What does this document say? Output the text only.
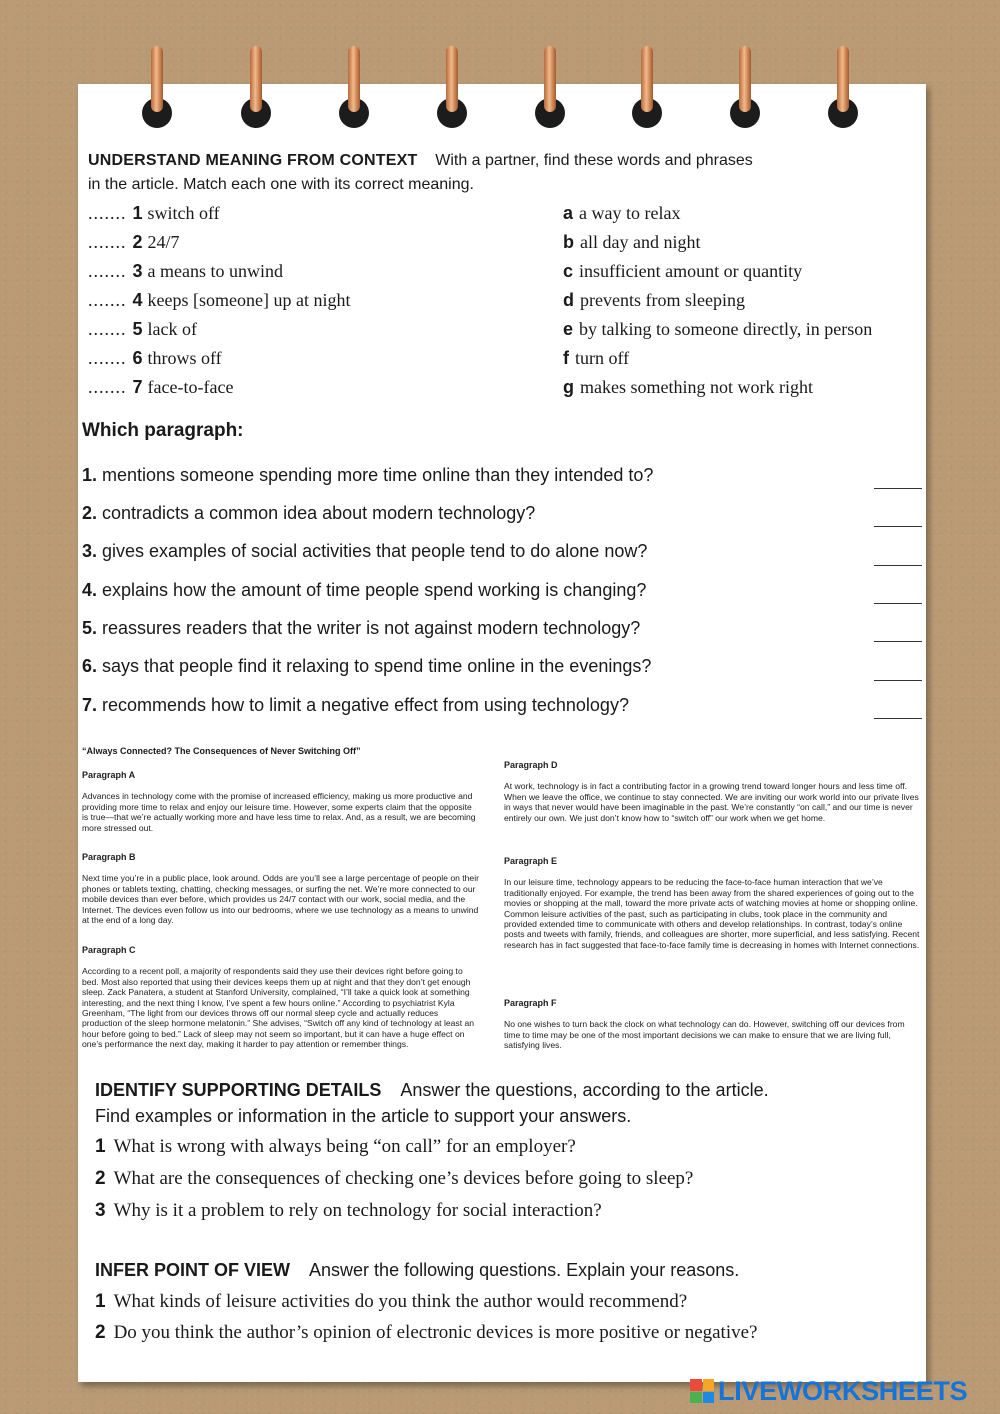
UNDERSTAND MEANING FROM CONTEXT With a partner, find these words and phrases
in the article. Match each one with its correct meaning.
....... 1 switch off	a a way to relax
....... 2 24/7	b all day and night
....... 3 a means to unwind	c insufficient amount or quantity
....... 4 keeps [someone] up at night	d prevents from sleeping
....... 5 lack of	e by talking to someone directly, in person
....... 6 throws off	f turn off
....... 7 face-to-face	g makes something not work right
Which paragraph:
1. mentions someone spending more time online than they intended to?
2. contradicts a common idea about modern technology?
3. gives examples of social activities that people tend to do alone now?
4. explains how the amount of time people spend working is changing?
5. reassures readers that the writer is not against modern technology?
6. says that people find it relaxing to spend time online in the evenings?
7. recommends how to limit a negative effect from using technology?
“Always Connected? The Consequences of Never Switching Off”
Paragraph A
Advances in technology come with the promise of increased efficiency, making us more productive and providing more time to relax and enjoy our leisure time. However, some experts claim that the opposite is true—that we’re actually working more and have less time to relax. And, as a result, we are becoming more stressed out.
Paragraph B
Next time you’re in a public place, look around. Odds are you’ll see a large percentage of people on their phones or tablets texting, chatting, checking messages, or surfing the net. We’re more connected to our mobile devices than ever before, which provides us 24/7 contact with our work, social media, and the Internet. The devices even follow us into our bedrooms, where we use technology as a means to unwind at the end of a long day.
Paragraph C
According to a recent poll, a majority of respondents said they use their devices right before going to bed. Most also reported that using their devices keeps them up at night and that they don’t get enough sleep. Zack Panatera, a student at Stanford University, complained, “I’ll take a quick look at something interesting, and the next thing I know, I’ve spent a few hours online.” According to psychiatrist Kyla Greenham, “The light from our devices throws off our normal sleep cycle and actually reduces production of the sleep hormone melatonin.” She advises, “Switch off any kind of technology at least an hour before going to bed.” Lack of sleep may not seem so important, but it can have a huge effect on one’s performance the next day, making it harder to pay attention or remember things.
Paragraph D
At work, technology is in fact a contributing factor in a growing trend toward longer hours and less time off. When we leave the office, we continue to stay connected. We are inviting our work world into our private lives in ways that never would have been imaginable in the past. We’re constantly “on call,” and our time is never entirely our own. We just don’t know how to “switch off” our work when we get home.
Paragraph E
In our leisure time, technology appears to be reducing the face-to-face human interaction that we’ve traditionally enjoyed. For example, the trend has been away from the shared experiences of going out to the movies or shopping at the mall, toward the more private acts of watching movies at home or shopping online. Common leisure activities of the past, such as participating in clubs, took place in the community and provided extended time to communicate with others and develop relationships. In contrast, today’s online posts and tweets with family, friends, and colleagues are shorter, more superficial, and less satisfying. Recent research has in fact suggested that face-to-face family time is decreasing in homes with Internet connections.
Paragraph F
No one wishes to turn back the clock on what technology can do. However, switching off our devices from time to time may be one of the most important decisions we can make to ensure that we are living full, satisfying lives.
IDENTIFY SUPPORTING DETAILS Answer the questions, according to the article.
Find examples or information in the article to support your answers.
1 What is wrong with always being “on call” for an employer?
2 What are the consequences of checking one’s devices before going to sleep?
3 Why is it a problem to rely on technology for social interaction?
INFER POINT OF VIEW Answer the following questions. Explain your reasons.
1 What kinds of leisure activities do you think the author would recommend?
2 Do you think the author’s opinion of electronic devices is more positive or negative?
LIVEWORKSHEETS
